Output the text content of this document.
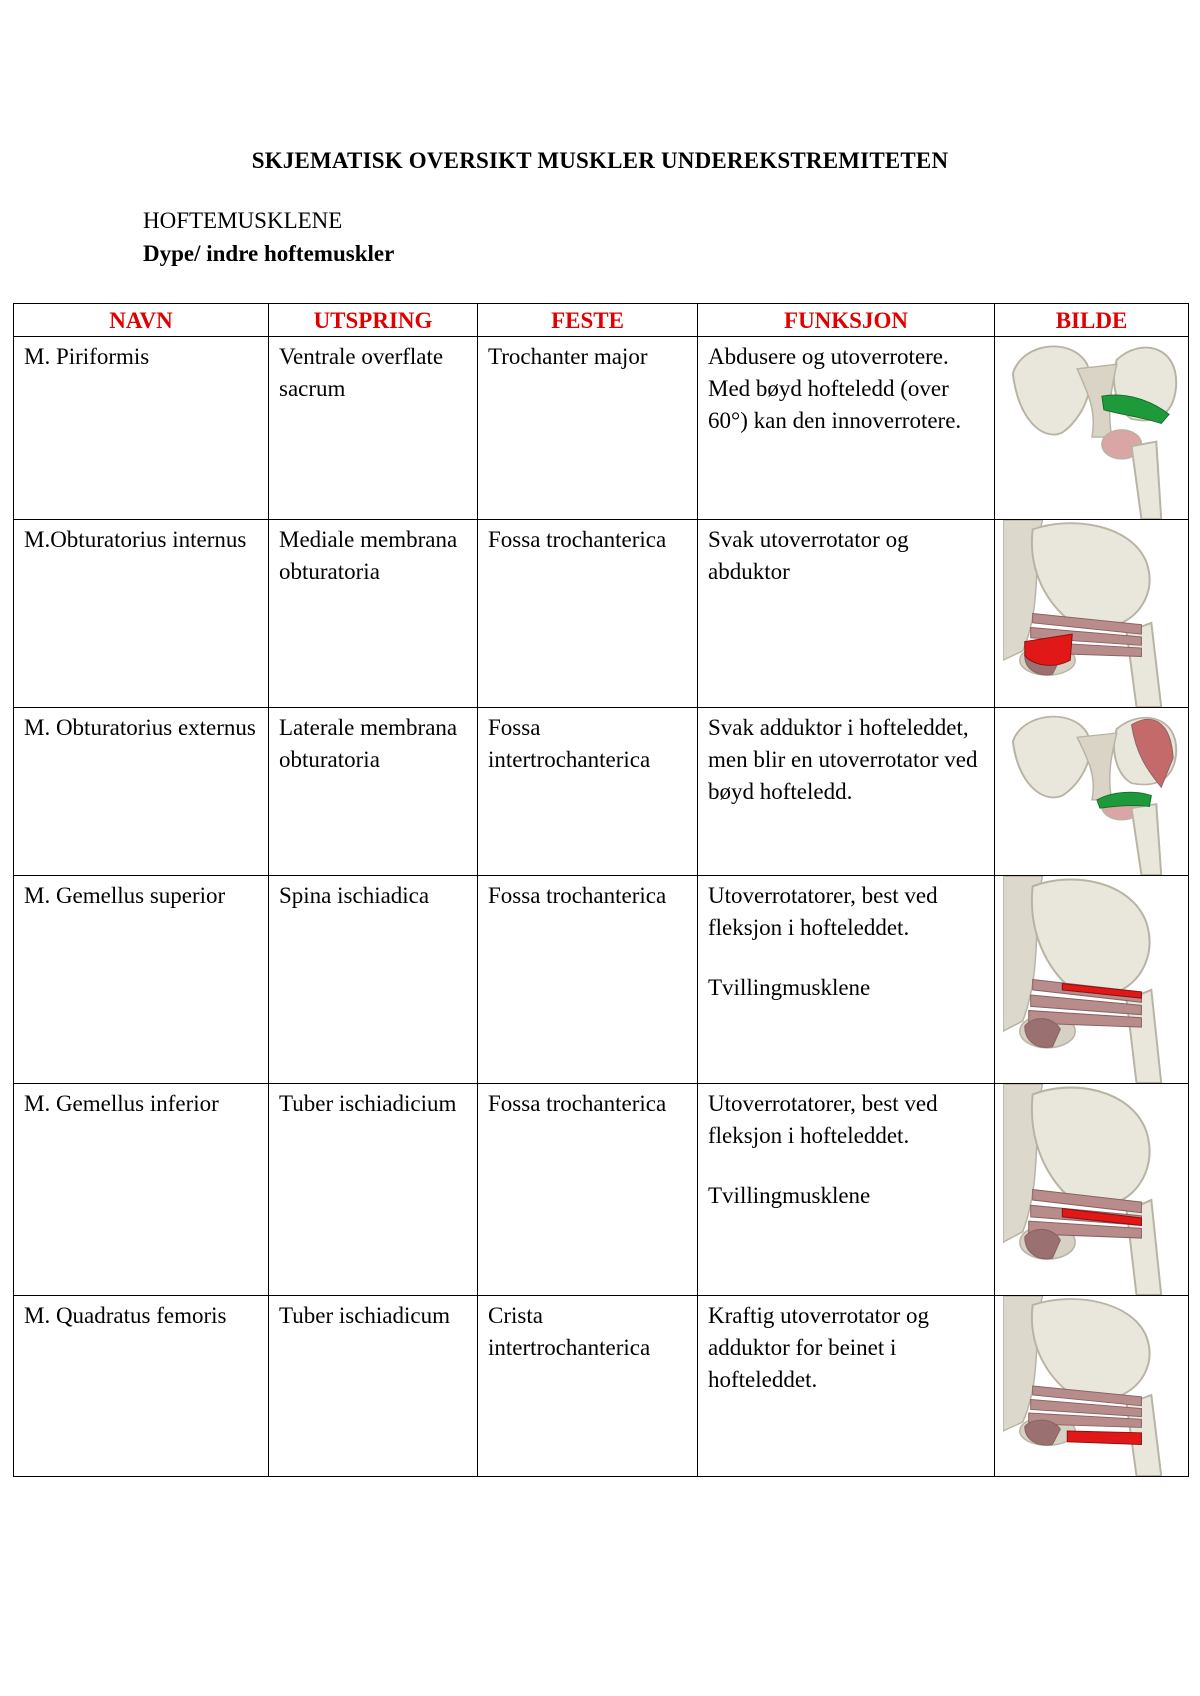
SKJEMATISK OVERSIKT MUSKLER UNDEREKSTREMITETEN
HOFTEMUSKLENE
Dype/ indre hoftemuskler
NAVN	UTSPRING	FESTE	FUNKSJON	BILDE
M. Piriformis	Ventrale overflate sacrum	Trochanter major	Abdusere og utoverrotere. Med bøyd hofteledd (over 60°) kan den innoverrotere.	

M.Obturatorius internus	Mediale membrana obturatoria	Fossa trochanterica	Svak utoverrotator og abduktor	

M. Obturatorius externus	Laterale membrana obturatoria	Fossa intertrochanterica	Svak adduktor i hofteleddet, men blir en utoverrotator ved bøyd hofteledd.	

M. Gemellus superior	Spina ischiadica	Fossa trochanterica	Utoverrotatorer, best ved fleksjon i hofteleddet.
Tvillingmusklene	

M. Gemellus inferior	Tuber ischiadicium	Fossa trochanterica	Utoverrotatorer, best ved fleksjon i hofteleddet.
Tvillingmusklene	

M. Quadratus femoris	Tuber ischiadicum	Crista intertrochanterica	Kraftig utoverrotator og adduktor for beinet i hofteleddet.	
